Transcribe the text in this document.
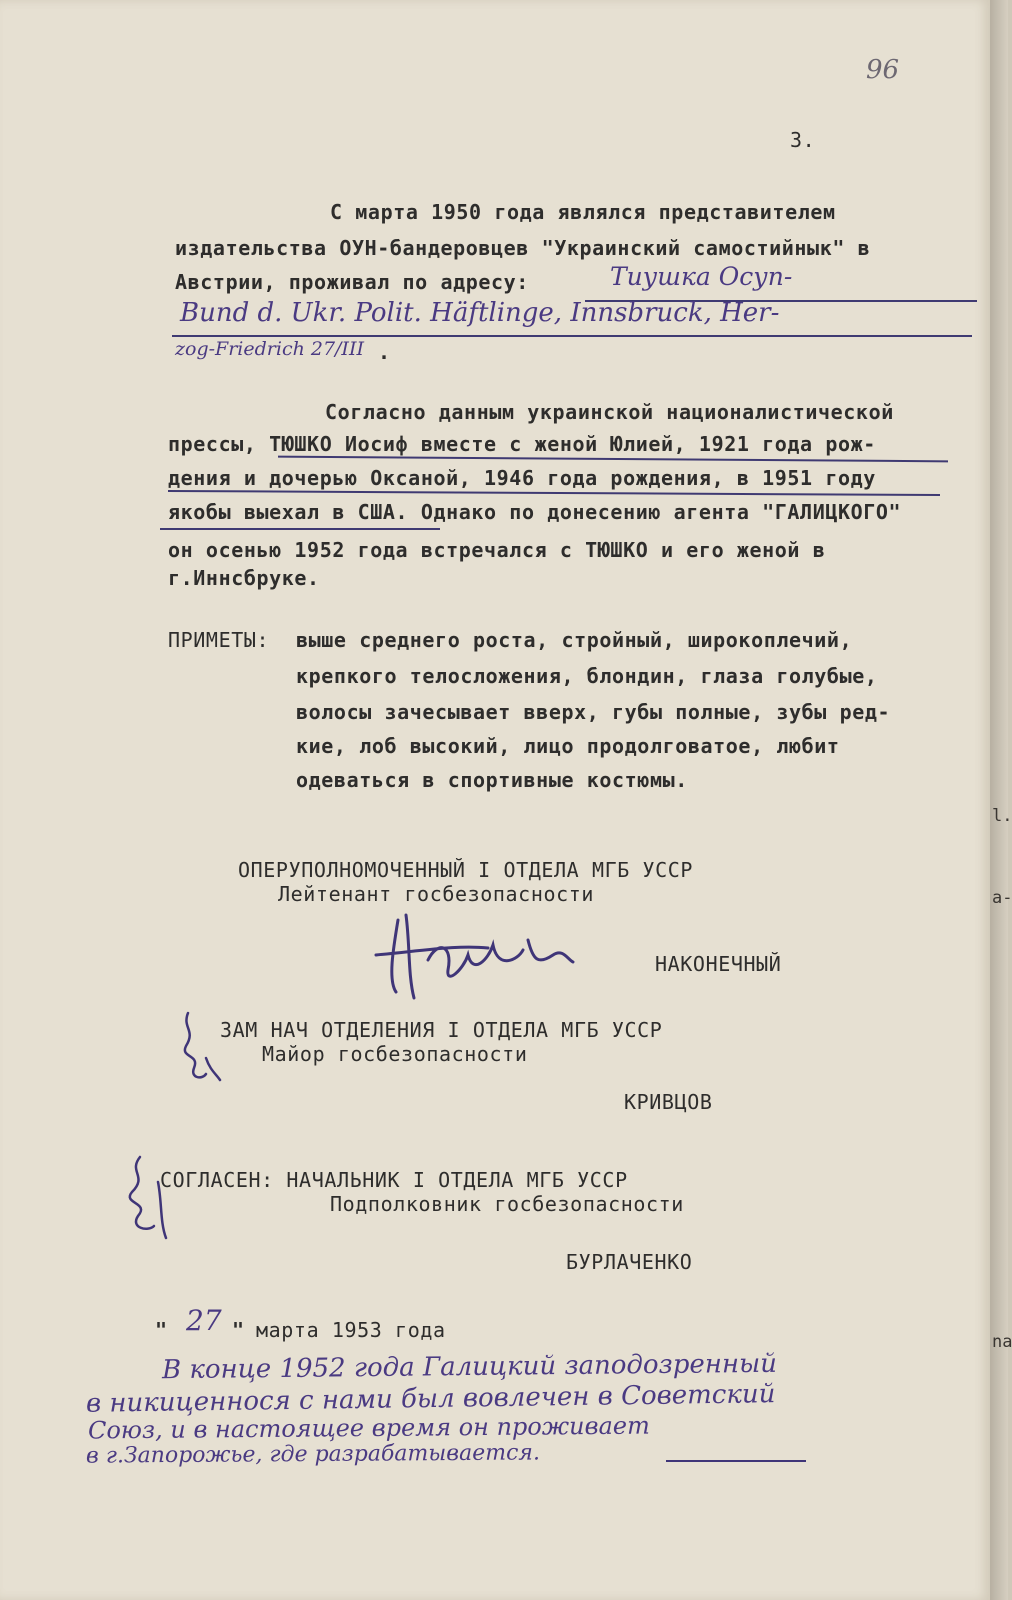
96
3.
С марта 1950 года являлся представителем
издательства ОУН-бандеровцев "Украинский самостийнык" в
Австрии, проживал по адресу:	Тиушка Осуп-
Bund d. Ukr. Polit. Häftlinge, Innsbruck, Her-
zog-Friedrich 27/III .
Согласно данным украинской националистической
прессы, ТЮШКО Иосиф вместе с женой Юлией, 1921 года рож-
дения и дочерью Оксаной, 1946 года рождения, в 1951 году
якобы выехал в США. Однако по донесению агента "ГАЛИЦКОГО"
он осенью 1952 года встречался с ТЮШКО и его женой в
г.Иннсбруке.
ПРИМЕТЫ: выше среднего роста, стройный, широкоплечий,
крепкого телосложения, блондин, глаза голубые,
волосы зачесывает вверх, губы полные, зубы ред-
кие, лоб высокий, лицо продолговатое, любит
одеваться в спортивные костюмы.
ОПЕРУПОЛНОМОЧЕННЫЙ I ОТДЕЛА МГБ УССР
Лейтенант госбезопасности
НАКОНЕЧНЫЙ
ЗАМ НАЧ ОТДЕЛЕНИЯ I ОТДЕЛА МГБ УССР
Майор госбезопасности
КРИВЦОВ
СОГЛАСЕН: НАЧАЛЬНИК I ОТДЕЛА МГБ УССР
Подполковник госбезопасности
БУРЛАЧЕНКО
" 27 " марта 1953 года
В конце 1952 года Галицкий заподозренный
в никиценнося с нами был вовлечен в Советский
Союз, и в настоящее время он проживает
в г.Запорожье, где разрабатывается.
l.
a-
na
